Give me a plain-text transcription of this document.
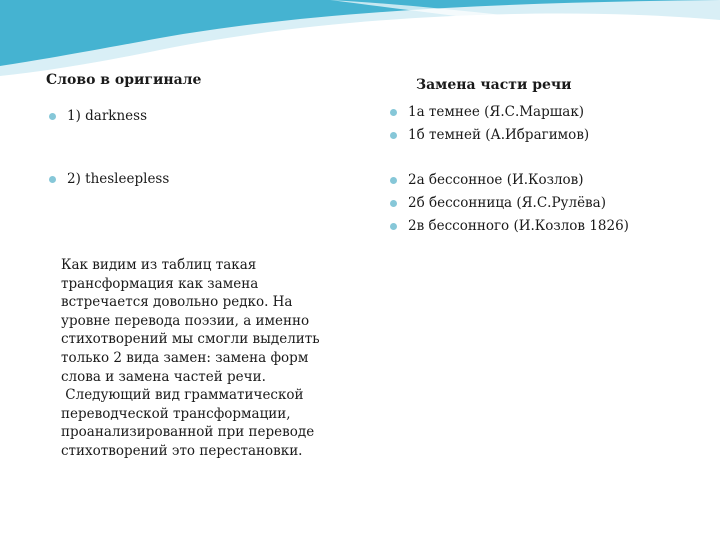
Слово в оригинале	Замена части речи
1) darkness
2) thesleepless
1а темнее (Я.С.Маршак)
1б темней (А.Ибрагимов)
2а бессонное (И.Козлов)
2б бессонница (Я.С.Рулёва)
2в бессонного (И.Козлов 1826)

Как видим из таблиц такая
трансформация как замена
встречается довольно редко. На
уровне перевода поэзии, а именно
стихотворений мы смогли выделить
только 2 вида замен: замена форм
слова и замена частей речи.

Следующий вид грамматической
переводческой трансформации,
проанализированной при переводе
стихотворений это перестановки.
